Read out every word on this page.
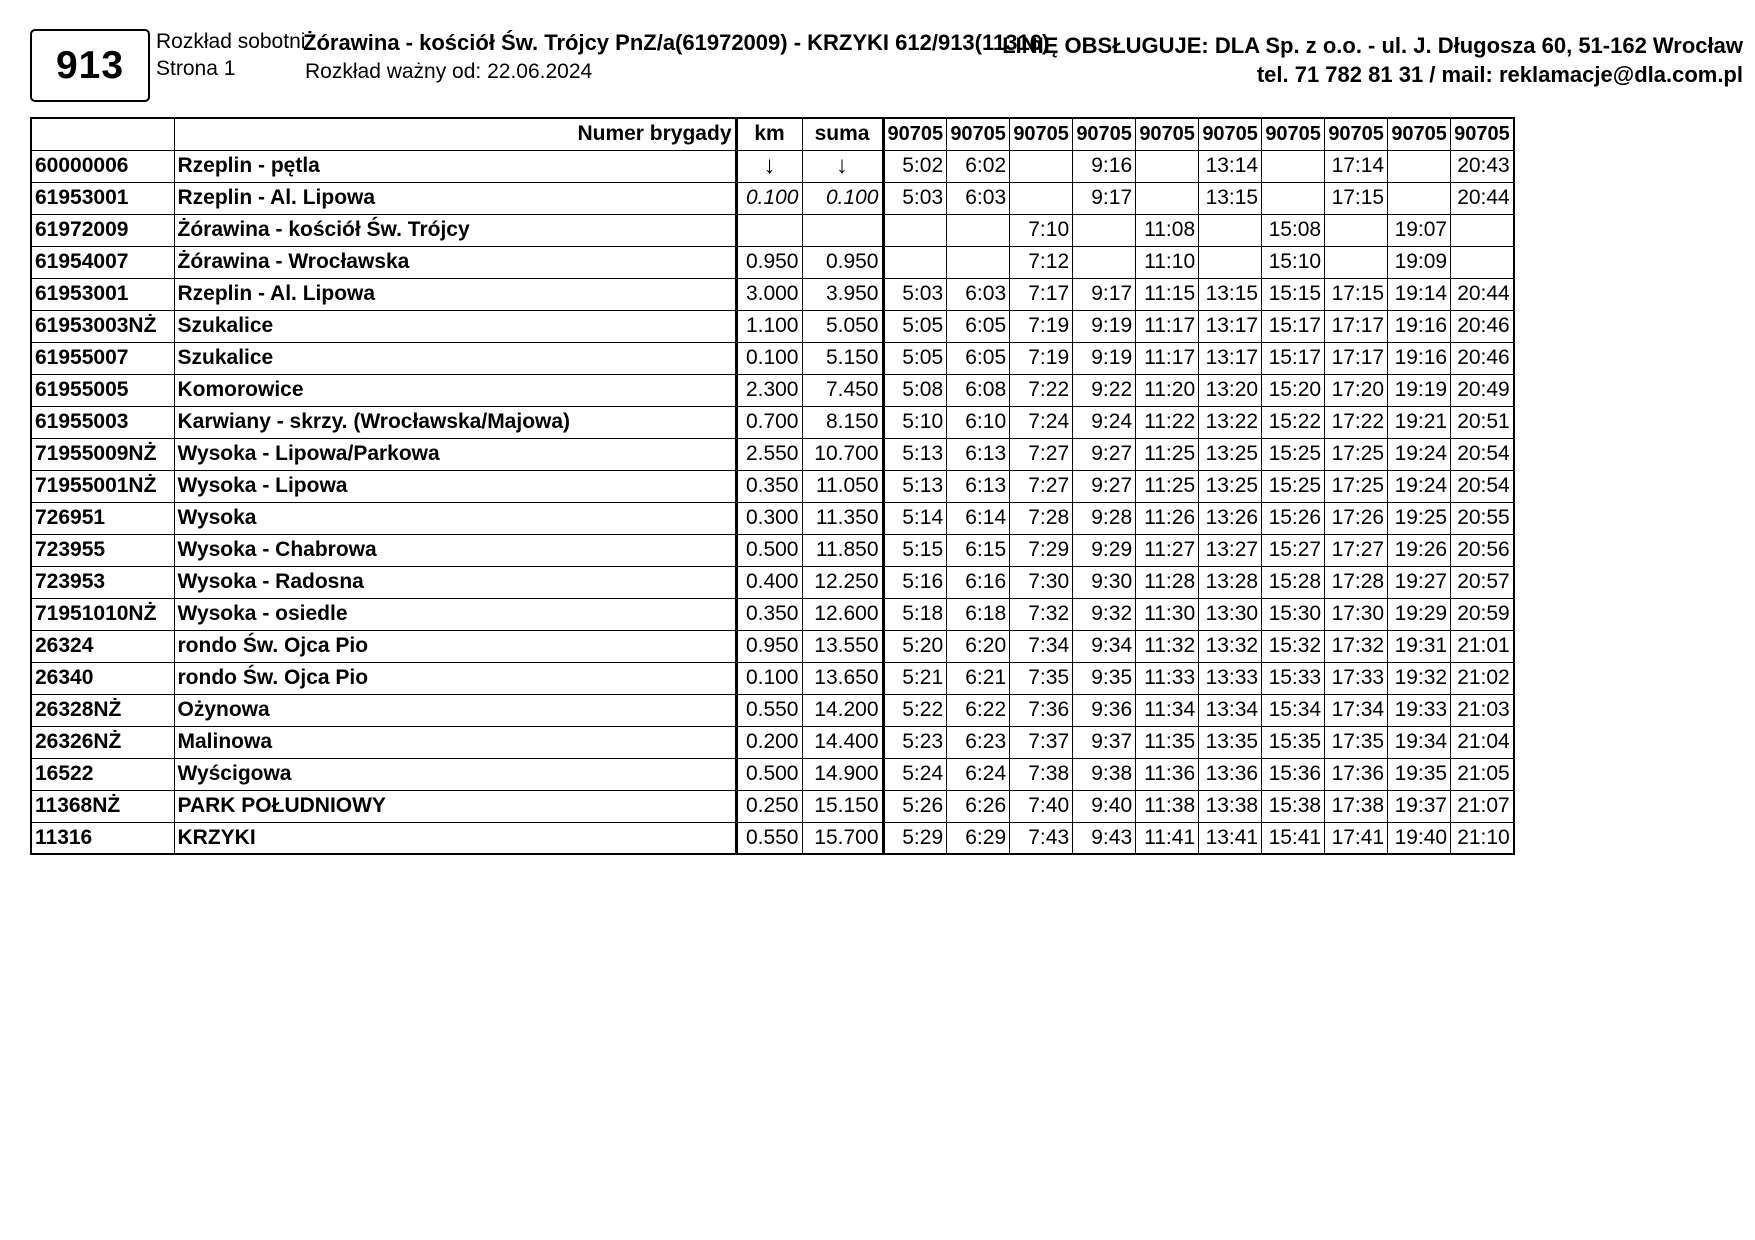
913
Rozkład sobotni
Strona 1
Żórawina - kościół Św. Trójcy PnZ/a(61972009) - KRZYKI 612/913(11316)
Rozkład ważny od: 22.06.2024
LINIĘ OBSŁUGUJE: DLA Sp. z o.o. - ul. J. Długosza 60, 51-162 Wrocław
tel. 71 782 81 31 / mail: reklamacje@dla.com.pl
	Numer brygady	km	suma	90705	90705	90705	90705	90705	90705	90705	90705	90705	90705
60000006	Rzeplin - pętla	↓	↓	5:02	6:02		9:16		13:14		17:14		20:43
61953001	Rzeplin - Al. Lipowa	0.100	0.100	5:03	6:03		9:17		13:15		17:15		20:44
61972009	Żórawina - kościół Św. Trójcy					7:10		11:08		15:08		19:07	
61954007	Żórawina - Wrocławska	0.950	0.950			7:12		11:10		15:10		19:09	
61953001	Rzeplin - Al. Lipowa	3.000	3.950	5:03	6:03	7:17	9:17	11:15	13:15	15:15	17:15	19:14	20:44
61953003NŻ	Szukalice	1.100	5.050	5:05	6:05	7:19	9:19	11:17	13:17	15:17	17:17	19:16	20:46
61955007	Szukalice	0.100	5.150	5:05	6:05	7:19	9:19	11:17	13:17	15:17	17:17	19:16	20:46
61955005	Komorowice	2.300	7.450	5:08	6:08	7:22	9:22	11:20	13:20	15:20	17:20	19:19	20:49
61955003	Karwiany - skrzy. (Wrocławska/Majowa)	0.700	8.150	5:10	6:10	7:24	9:24	11:22	13:22	15:22	17:22	19:21	20:51
71955009NŻ	Wysoka - Lipowa/Parkowa	2.550	10.700	5:13	6:13	7:27	9:27	11:25	13:25	15:25	17:25	19:24	20:54
71955001NŻ	Wysoka - Lipowa	0.350	11.050	5:13	6:13	7:27	9:27	11:25	13:25	15:25	17:25	19:24	20:54
726951	Wysoka	0.300	11.350	5:14	6:14	7:28	9:28	11:26	13:26	15:26	17:26	19:25	20:55
723955	Wysoka - Chabrowa	0.500	11.850	5:15	6:15	7:29	9:29	11:27	13:27	15:27	17:27	19:26	20:56
723953	Wysoka - Radosna	0.400	12.250	5:16	6:16	7:30	9:30	11:28	13:28	15:28	17:28	19:27	20:57
71951010NŻ	Wysoka - osiedle	0.350	12.600	5:18	6:18	7:32	9:32	11:30	13:30	15:30	17:30	19:29	20:59
26324	rondo Św. Ojca Pio	0.950	13.550	5:20	6:20	7:34	9:34	11:32	13:32	15:32	17:32	19:31	21:01
26340	rondo Św. Ojca Pio	0.100	13.650	5:21	6:21	7:35	9:35	11:33	13:33	15:33	17:33	19:32	21:02
26328NŻ	Ożynowa	0.550	14.200	5:22	6:22	7:36	9:36	11:34	13:34	15:34	17:34	19:33	21:03
26326NŻ	Malinowa	0.200	14.400	5:23	6:23	7:37	9:37	11:35	13:35	15:35	17:35	19:34	21:04
16522	Wyścigowa	0.500	14.900	5:24	6:24	7:38	9:38	11:36	13:36	15:36	17:36	19:35	21:05
11368NŻ	PARK POŁUDNIOWY	0.250	15.150	5:26	6:26	7:40	9:40	11:38	13:38	15:38	17:38	19:37	21:07
11316	KRZYKI	0.550	15.700	5:29	6:29	7:43	9:43	11:41	13:41	15:41	17:41	19:40	21:10
